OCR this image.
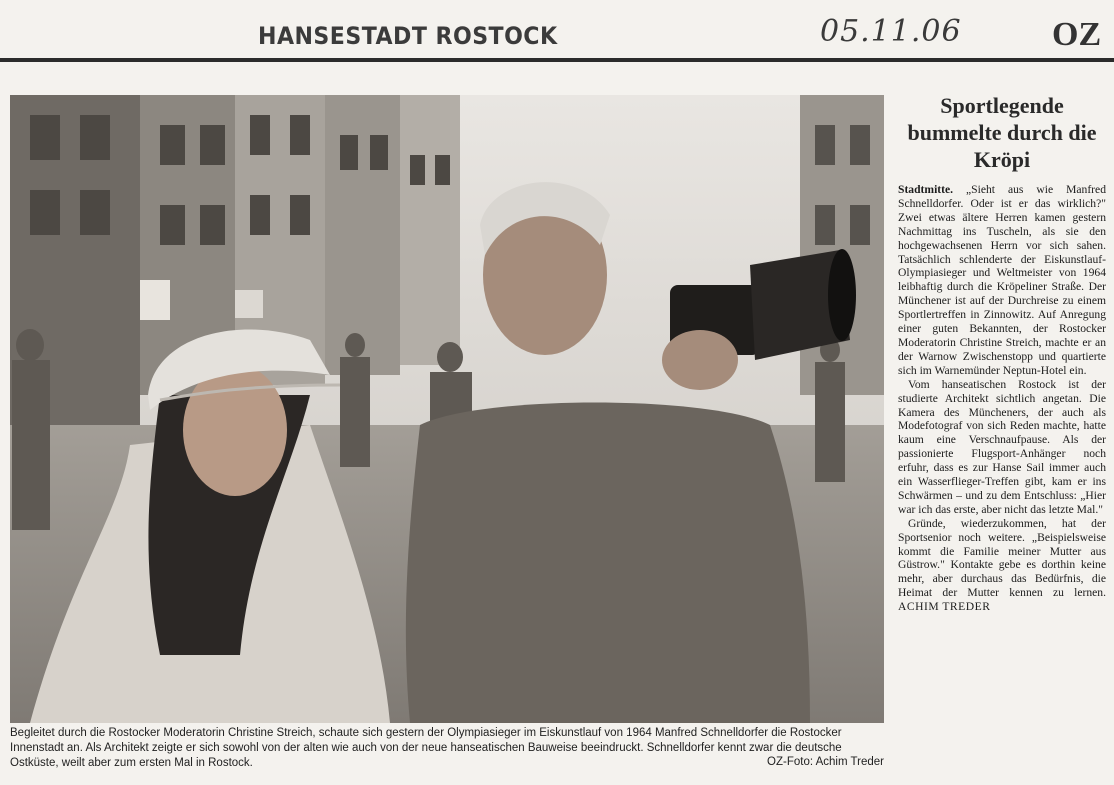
HANSESTADT ROSTOCK	05.11.06	OZ

Begleitet durch die Rostocker Moderatorin Christine Streich, schaute sich gestern der Olympiasieger im Eiskunstlauf von 1964 Manfred Schnelldorfer die Rostocker Innenstadt an. Als Architekt zeigte er sich sowohl von der alten wie auch von der neue hanseatischen Bauweise beeindruckt. Schnelldorfer kennt zwar die deutsche Ostküste, weilt aber zum ersten Mal in Rostock.	OZ-Foto: Achim Treder
Sportlegende bummelte durch die Kröpi

Stadtmitte. „Sieht aus wie Manfred Schnelldorfer. Oder ist er das wirklich?" Zwei etwas ältere Herren kamen gestern Nachmittag ins Tuscheln, als sie den hochgewachsenen Herrn vor sich sahen. Tatsächlich schlenderte der Eiskunstlauf-Olympiasieger und Weltmeister von 1964 leibhaftig durch die Kröpeliner Straße. Der Münchener ist auf der Durchreise zu einem Sportlertreffen in Zinnowitz. Auf Anregung einer guten Bekannten, der Rostocker Moderatorin Christine Streich, machte er an der Warnow Zwischenstopp und quartierte sich im Warnemünder Neptun-Hotel ein.

Vom hanseatischen Rostock ist der studierte Architekt sichtlich angetan. Die Kamera des Müncheners, der auch als Modefotograf von sich Reden machte, hatte kaum eine Verschnaufpause. Als der passionierte Flugsport-Anhänger noch erfuhr, dass es zur Hanse Sail immer auch ein Wasserflieger-Treffen gibt, kam er ins Schwärmen – und zu dem Entschluss: „Hier war ich das erste, aber nicht das letzte Mal."

Gründe, wiederzukommen, hat der Sportsenior noch weitere. „Beispielsweise kommt die Familie meiner Mutter aus Güstrow." Kontakte gebe es dorthin keine mehr, aber durchaus das Bedürfnis, die Heimat der Mutter kennen zu lernen. ACHIM TREDER
